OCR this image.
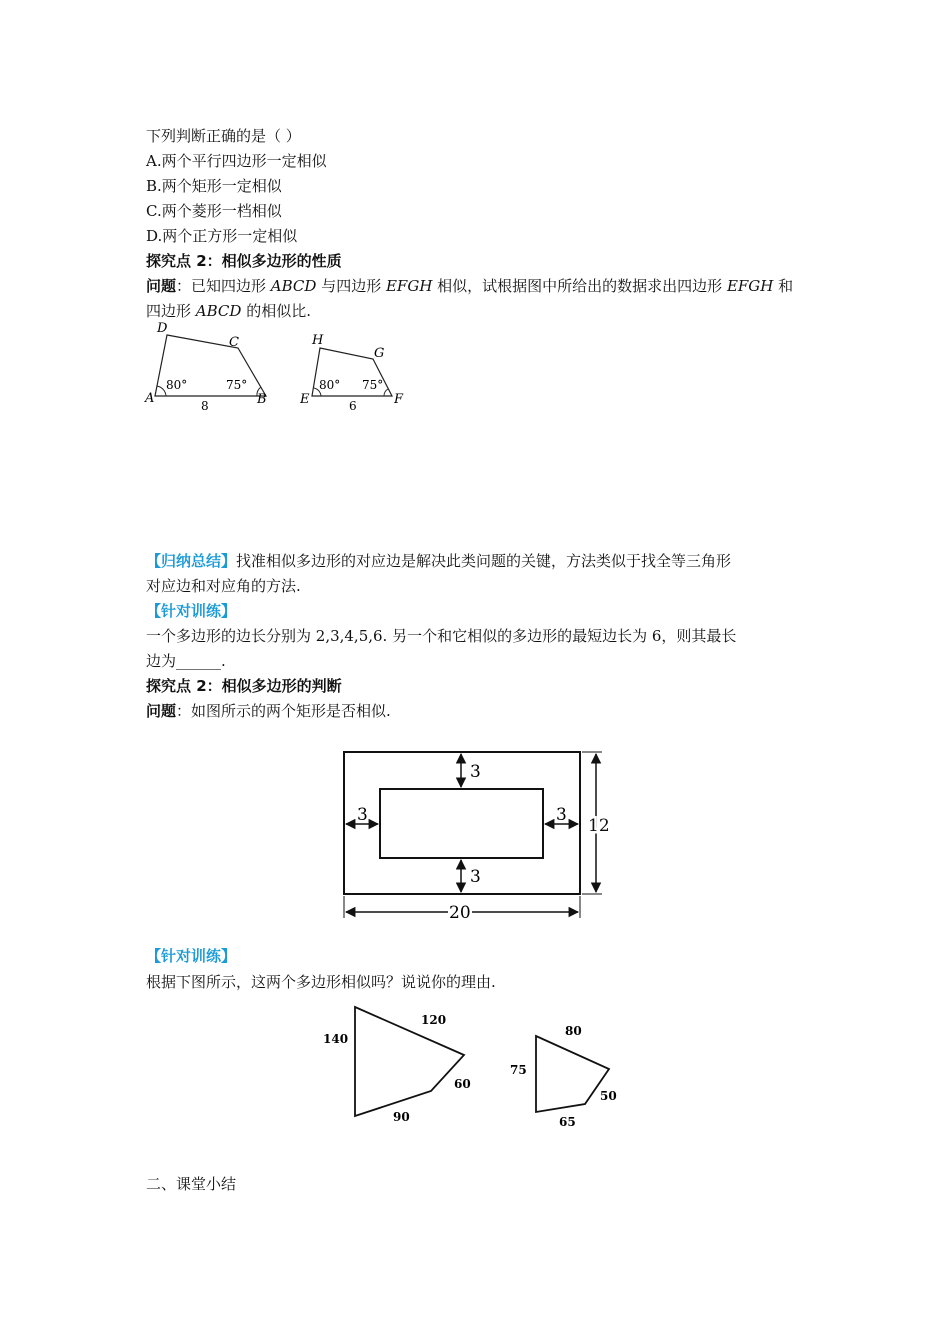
下列判断正确的是（ ）
A.两个平行四边形一定相似
B.两个矩形一定相似
C.两个菱形一档相似
D.两个正方形一定相似
探究点 2：相似多边形的性质
问题：已知四边形 ABCD 与四边形 EFGH 相似，试根据图中所给出的数据求出四边形 EFGH 和
四边形 ABCD 的相似比.
A	B
C
D
80°	75°
8	E	F
G
H
80° 75°
6
【归纳总结】找准相似多边形的对应边是解决此类问题的关键，方法类似于找全等三角形
对应边和对应角的方法.
【针对训练】
一个多边形的边长分别为 2,3,4,5,6. 另一个和它相似的多边形的最短边长为 6，则其最长
边为______.
探究点 2：相似多边形的判断
问题：如图所示的两个矩形是否相似.
3
3	3
3
12
20
【针对训练】
根据下图所示，这两个多边形相似吗？说说你的理由.
140
120
60
90
75
80
50
65
二、课堂小结
